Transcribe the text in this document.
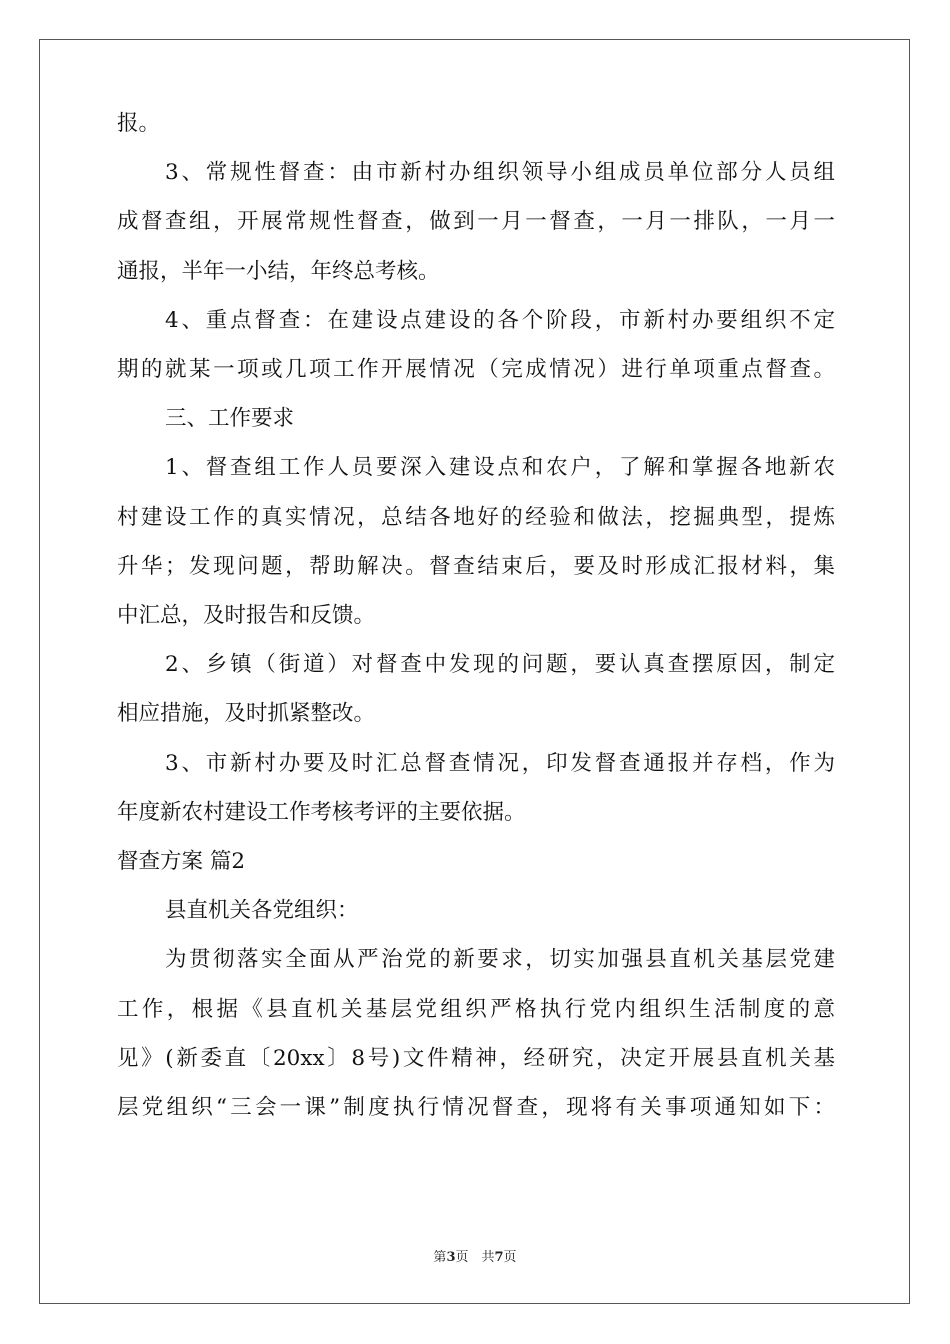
报。
3、常规性督查：由市新村办组织领导小组成员单位部分人员组
成督查组，开展常规性督查，做到一月一督查，一月一排队，一月一
通报，半年一小结，年终总考核。
4、重点督查：在建设点建设的各个阶段，市新村办要组织不定
期的就某一项或几项工作开展情况（完成情况）进行单项重点督查。
三、工作要求
1、督查组工作人员要深入建设点和农户，了解和掌握各地新农
村建设工作的真实情况，总结各地好的经验和做法，挖掘典型，提炼
升华；发现问题，帮助解决。督查结束后，要及时形成汇报材料，集
中汇总，及时报告和反馈。
2、乡镇（街道）对督查中发现的问题，要认真查摆原因，制定
相应措施，及时抓紧整改。
3、市新村办要及时汇总督查情况，印发督查通报并存档，作为
年度新农村建设工作考核考评的主要依据。
督查方案 篇2
县直机关各党组织：
为贯彻落实全面从严治党的新要求，切实加强县直机关基层党建
工作，根据《县直机关基层党组织严格执行党内组织生活制度的意
见》(新委直〔20xx〕8号)文件精神，经研究，决定开展县直机关基
层党组织“三会一课”制度执行情况督查，现将有关事项通知如下：
第3页　共7页
